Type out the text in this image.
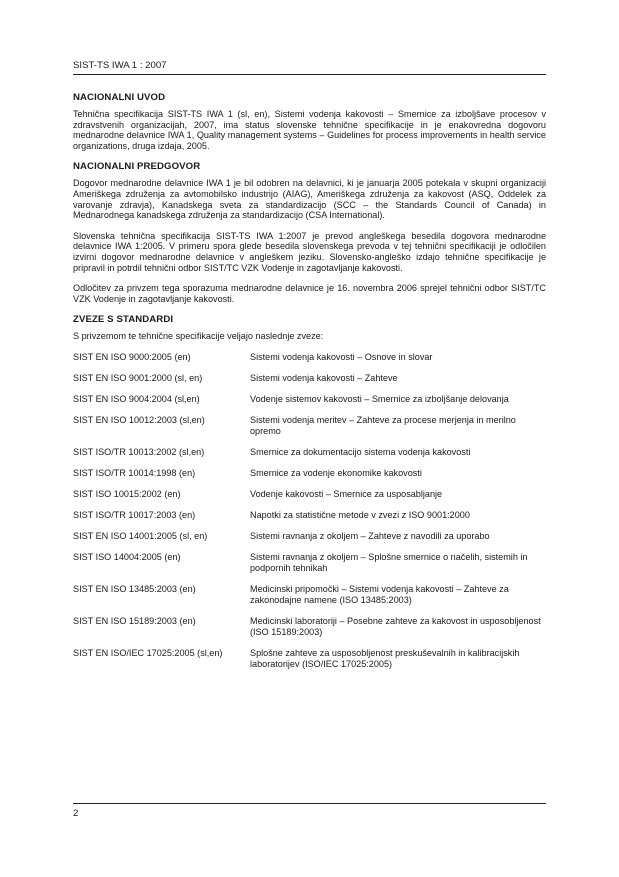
SIST-TS IWA 1 : 2007
NACIONALNI UVOD
Tehnična specifikacija SIST-TS IWA 1 (sl, en), Sistemi vodenja kakovosti – Smernice za izboljšave procesov v zdravstvenih organizacijah, 2007, ima status slovenske tehnične specifikacije in je enakovredna dogovoru mednarodne delavnice IWA 1, Quality management systems – Guidelines for process improvements in health service organizations, druga izdaja, 2005.
NACIONALNI PREDGOVOR
Dogovor mednarodne delavnice IWA 1 je bil odobren na delavnici, ki je januarja 2005 potekala v skupni organizaciji Ameriškega združenja za avtomobilsko industrijo (AIAG), Ameriškega združenja za kakovost (ASQ, Oddelek za varovanje zdravja), Kanadskega sveta za standardizacijo (SCC – the Standards Council of Canada) in Mednarodnega kanadskega združenja za standardizacijo (CSA International).
Slovenska tehnična specifikacija SIST-TS IWA 1:2007 je prevod angleškega besedila dogovora mednarodne delavnice IWA 1:2005. V primeru spora glede besedila slovenskega prevoda v tej tehnični specifikaciji je odločilen izvirni dogovor mednarodne delavnice v angleškem jeziku. Slovensko-angleško izdajo tehnične specifikacije je pripravil in potrdil tehnični odbor SIST/TC VZK Vodenje in zagotavljanje kakovosti.
Odločitev za privzem tega sporazuma mednarodne delavnice je 16. novembra 2006 sprejel tehnični odbor SIST/TC VZK Vodenje in zagotavljanje kakovosti.
ZVEZE S STANDARDI
S privzemom te tehnične specifikacije veljajo naslednje zveze:
SIST EN ISO 9000:2005 (en)	Sistemi vodenja kakovosti – Osnove in slovar
SIST EN ISO 9001:2000 (sl, en)	Sistemi vodenja kakovosti – Zahteve
SIST EN ISO 9004:2004 (sl,en)	Vodenje sistemov kakovosti – Smernice za izboljšanje delovanja
SIST EN ISO 10012:2003 (sl,en)	Sistemi vodenja meritev – Zahteve za procese merjenja in merilno opremo
SIST ISO/TR 10013:2002 (sl,en)	Smernice za dokumentacijo sistema vodenja kakovosti
SIST ISO/TR 10014:1998 (en)	Smernice za vodenje ekonomike kakovosti
SIST ISO 10015:2002 (en)	Vodenje kakovosti – Smernice za usposabljanje
SIST ISO/TR 10017:2003 (en)	Napotki za statistične metode v zvezi z ISO 9001:2000
SIST EN ISO 14001:2005 (sl, en)	Sistemi ravnanja z okoljem – Zahteve z navodili za uporabo
SIST ISO 14004:2005 (en)	Sistemi ravnanja z okoljem – Splošne smernice o načelih, sistemih in podpornih tehnikah
SIST EN ISO 13485:2003 (en)	Medicinski pripomočki – Sistemi vodenja kakovosti – Zahteve za zakonodajne namene (ISO 13485:2003)
SIST EN ISO 15189:2003 (en)	Medicinski laboratoriji – Posebne zahteve za kakovost in usposobljenost (ISO 15189:2003)
SIST EN ISO/IEC 17025:2005 (sl,en)	Splošne zahteve za usposobljenost preskuševalnih in kalibracijskih laboratorijev (ISO/IEC 17025:2005)
2
